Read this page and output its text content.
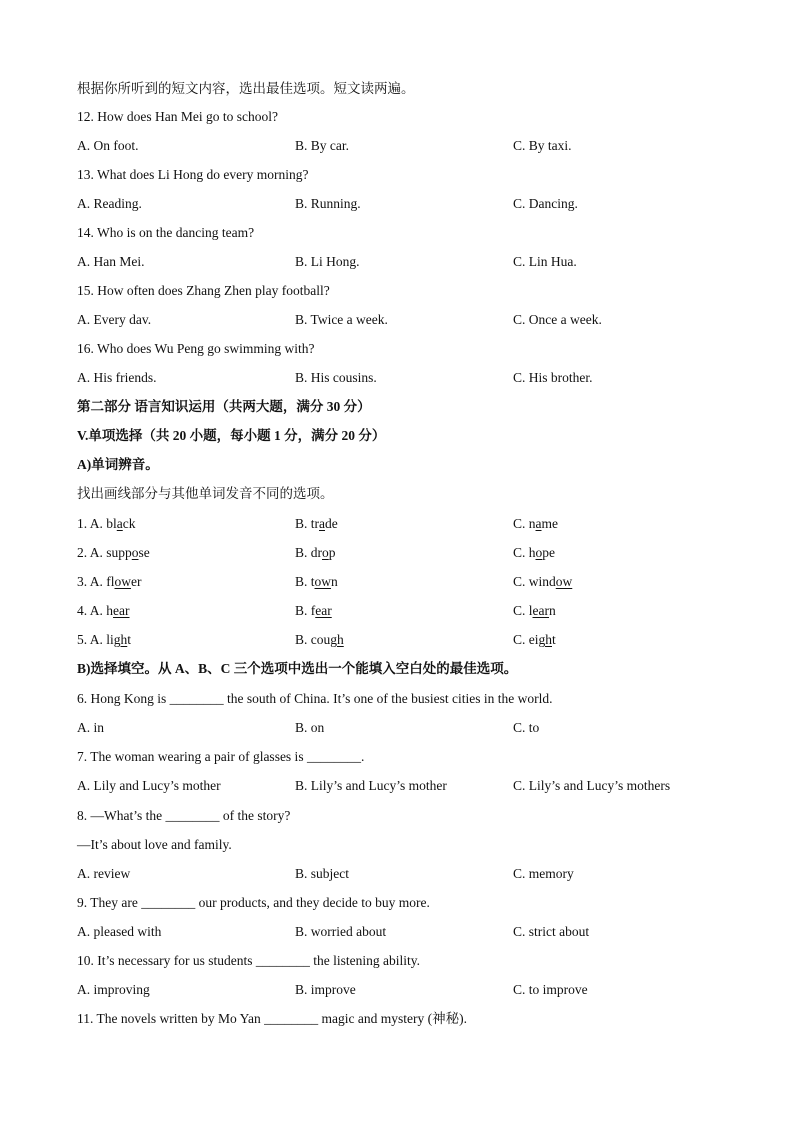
根据你所听到的短文内容，选出最佳选项。短文读两遍。
12. How does Han Mei go to school?
A. On foot.	B. By car.	C. By taxi.
13. What does Li Hong do every morning?
A. Reading.	B. Running.	C. Dancing.
14. Who is on the dancing team?
A. Han Mei.	B. Li Hong.	C. Lin Hua.
15. How often does Zhang Zhen play football?
A. Every dav.	B. Twice a week.	C. Once a week.
16. Who does Wu Peng go swimming with?
A. His friends.	B. His cousins.	C. His brother.
第二部分 语言知识运用（共两大题，满分 30 分）
V.单项选择（共 20 小题，每小题 1 分，满分 20 分）
A)单词辨音。
找出画线部分与其他单词发音不同的选项。
1. A. black	B. trade	C. name
2. A. suppose	B. drop	C. hope
3. A. flower	B. town	C. window
4. A. hear	B. fear	C. learn
5. A. light	B. cough	C. eight
B)选择填空。从 A、B、C 三个选项中选出一个能填入空白处的最佳选项。
6. Hong Kong is ________ the south of China. It’s one of the busiest cities in the world.
A. in	B. on	C. to
7. The woman wearing a pair of glasses is ________.
A. Lily and Lucy’s mother	B. Lily’s and Lucy’s mother	C. Lily’s and Lucy’s mothers
8. —What’s the ________ of the story?
—It’s about love and family.
A. review	B. subject	C. memory
9. They are ________ our products, and they decide to buy more.
A. pleased with	B. worried about	C. strict about
10. It’s necessary for us students ________ the listening ability.
A. improving	B. improve	C. to improve
11. The novels written by Mo Yan ________ magic and mystery (神秘).
